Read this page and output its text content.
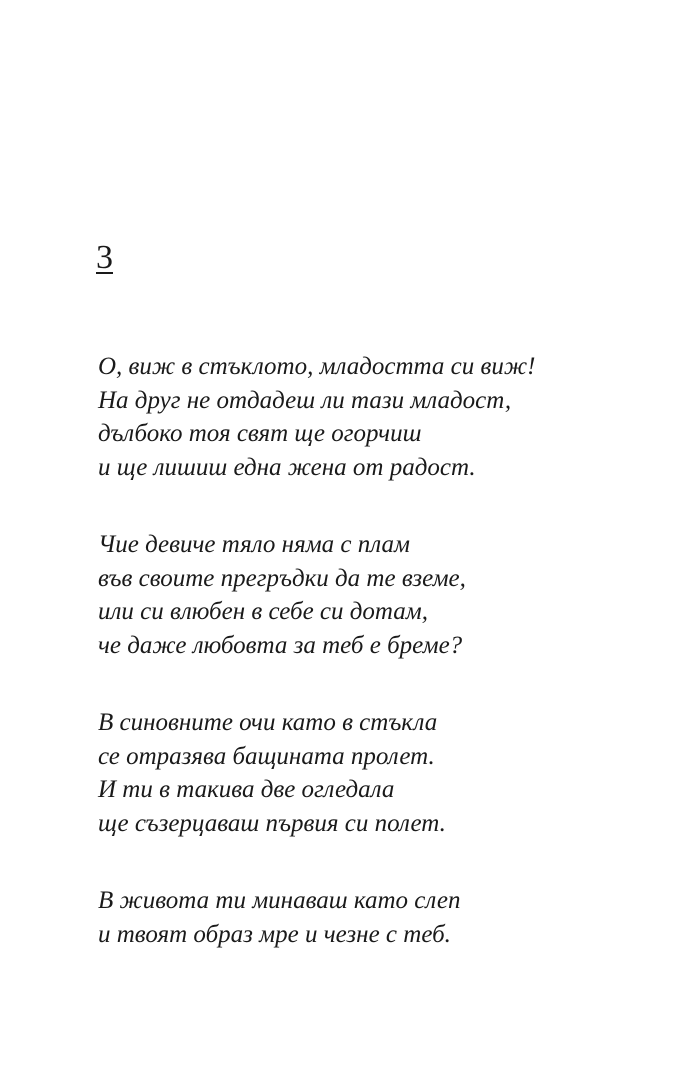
3
О, виж в стъклото, младостта си виж!
На друг не отдадеш ли тази младост,
дълбоко тоя свят ще огорчиш
и ще лишиш една жена от радост.
Чие девиче тяло няма с плам
във своите прегръдки да те вземе,
или си влюбен в себе си дотам,
че даже любовта за теб е бреме?
В синовните очи като в стъкла
се отразява бащината пролет.
И ти в такива две огледала
ще съзерцаваш първия си полет.
В живота ти минаваш като слеп
и твоят образ мре и чезне с теб.
